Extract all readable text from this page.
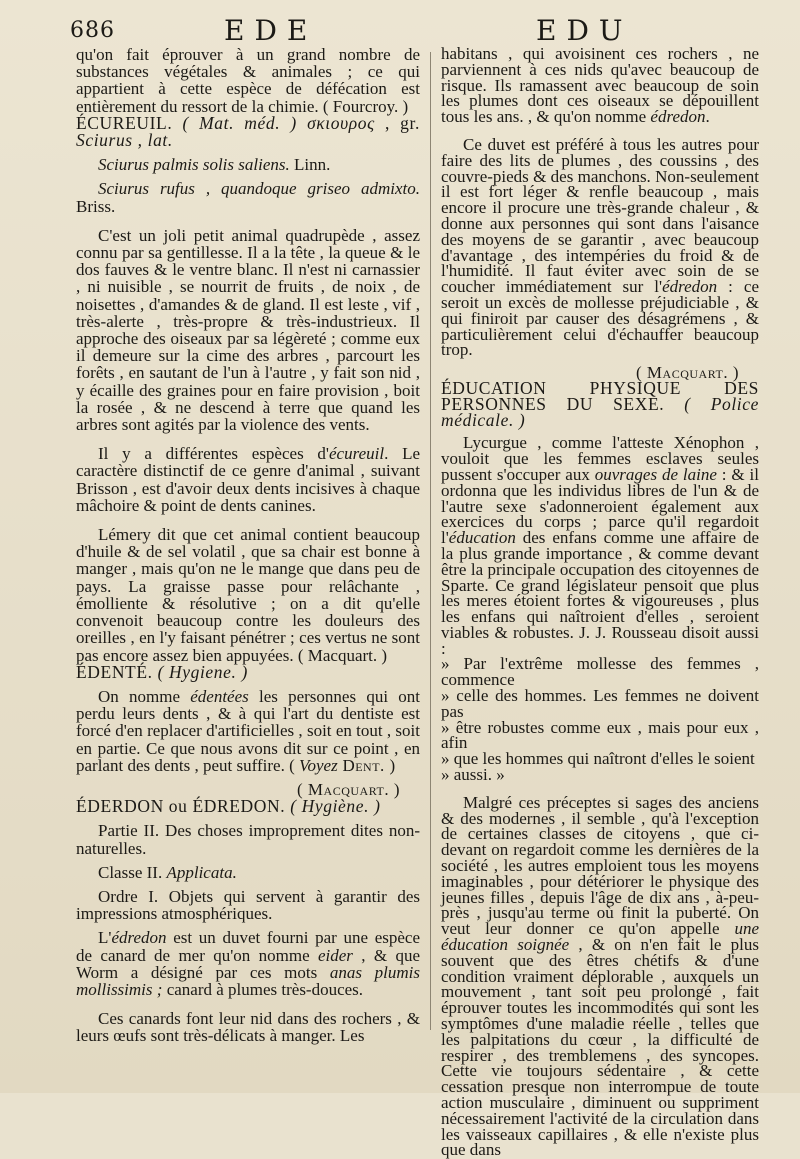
686	EDE	EDU

qu'on fait éprouver à un grand nombre de substances végétales & animales ; ce qui appartient à cette espèce de défécation est entièrement du ressort de la chimie. ( Fourcroy. )

ÉCUREUIL. ( Mat. méd. ) σκιουρος , gr. Sciurus , lat.

Sciurus palmis solis saliens. Linn.

Sciurus rufus , quandoque griseo admixto. Briss.

C'est un joli petit animal quadrupède , assez connu par sa gentillesse. Il a la tête , la queue & le dos fauves & le ventre blanc. Il n'est ni carnassier , ni nuisible , se nourrit de fruits , de noix , de noisettes , d'amandes & de gland. Il est leste , vif , très-alerte , très-propre & très-industrieux. Il approche des oiseaux par sa légèreté ; comme eux il demeure sur la cime des arbres , parcourt les forêts , en sautant de l'un à l'autre , y fait son nid , y écaille des graines pour en faire provision , boit la rosée , & ne descend à terre que quand les arbres sont agités par la violence des vents.

Il y a différentes espèces d'écureuil. Le caractère distinctif de ce genre d'animal , suivant Brisson , est d'avoir deux dents incisives à chaque mâchoire & point de dents canines.

Lémery dit que cet animal contient beaucoup d'huile & de sel volatil , que sa chair est bonne à manger , mais qu'on ne le mange que dans peu de pays. La graisse passe pour relâchante , émolliente & résolutive ; on a dit qu'elle convenoit beaucoup contre les douleurs des oreilles , en l'y faisant pénétrer ; ces vertus ne sont pas encore assez bien appuyées. ( Macquart. )

ÉDENTÉ. ( Hygiene. )

On nomme édentées les personnes qui ont perdu leurs dents , & à qui l'art du dentiste est forcé d'en replacer d'artificielles , soit en tout , soit en partie. Ce que nous avons dit sur ce point , en parlant des dents , peut suffire. ( Voyez Dent. )

( Macquart. )

ÉDERDON ou ÉDREDON. ( Hygiène. )

Partie II. Des choses improprement dites non-naturelles.

Classe II. Applicata.

Ordre I. Objets qui servent à garantir des impressions atmosphériques.

L'édredon est un duvet fourni par une espèce de canard de mer qu'on nomme eider , & que Worm a désigné par ces mots anas plumis mollissimis ; canard à plumes très-douces.

Ces canards font leur nid dans des rochers , & leurs œufs sont très-délicats à manger. Les

habitans , qui avoisinent ces rochers , ne parviennent à ces nids qu'avec beaucoup de risque. Ils ramassent avec beaucoup de soin les plumes dont ces oiseaux se dépouillent tous les ans. , & qu'on nomme édredon.

Ce duvet est préféré à tous les autres pour faire des lits de plumes , des coussins , des couvre-pieds & des manchons. Non-seulement il est fort léger & renfle beaucoup , mais encore il procure une très-grande chaleur , & donne aux personnes qui sont dans l'aisance des moyens de se garantir , avec beaucoup d'avantage , des intempéries du froid & de l'humidité. Il faut éviter avec soin de se coucher immédiatement sur l'édredon : ce seroit un excès de mollesse préjudiciable , & qui finiroit par causer des désagrémens , & particulièrement celui d'échauffer beaucoup trop.

( Macquart. )

ÉDUCATION PHYSIQUE DES PERSONNES DU SEXE. ( Police médicale. )

Lycurgue , comme l'atteste Xénophon , vouloit que les femmes esclaves seules pussent s'occuper aux ouvrages de laine : & il ordonna que les individus libres de l'un & de l'autre sexe s'adonneroient également aux exercices du corps ; parce qu'il regardoit l'éducation des enfans comme une affaire de la plus grande importance , & comme devant être la principale occupation des citoyennes de Sparte. Ce grand législateur pensoit que plus les meres étoient fortes & vigoureuses , plus les enfans qui naîtroient d'elles , seroient viables & robustes. J. J. Rousseau disoit aussi :

» Par l'extrême mollesse des femmes , commence
» celle des hommes. Les femmes ne doivent pas
» être robustes comme eux , mais pour eux , afin
» que les hommes qui naîtront d'elles le soient
» aussi. »

Malgré ces préceptes si sages des anciens & des modernes , il semble , qu'à l'exception de certaines classes de citoyens , que ci-devant on regardoit comme les dernières de la société , les autres emploient tous les moyens imaginables , pour détériorer le physique des jeunes filles , depuis l'âge de dix ans , à-peu-près , jusqu'au terme où finit la puberté. On veut leur donner ce qu'on appelle une éducation soignée , & on n'en fait le plus souvent que des êtres chétifs & d'une condition vraiment déplorable , auxquels un mouvement , tant soit peu prolongé , fait éprouver toutes les incommodités qui sont les symptômes d'une maladie réelle , telles que les palpitations du cœur , la difficulté de respirer , des tremblemens , des syncopes. Cette vie toujours sédentaire , & cette cessation presque non interrompue de toute action musculaire , diminuent ou suppriment nécessairement l'activité de la circulation dans les vaisseaux capillaires , & elle n'existe plus que dans
